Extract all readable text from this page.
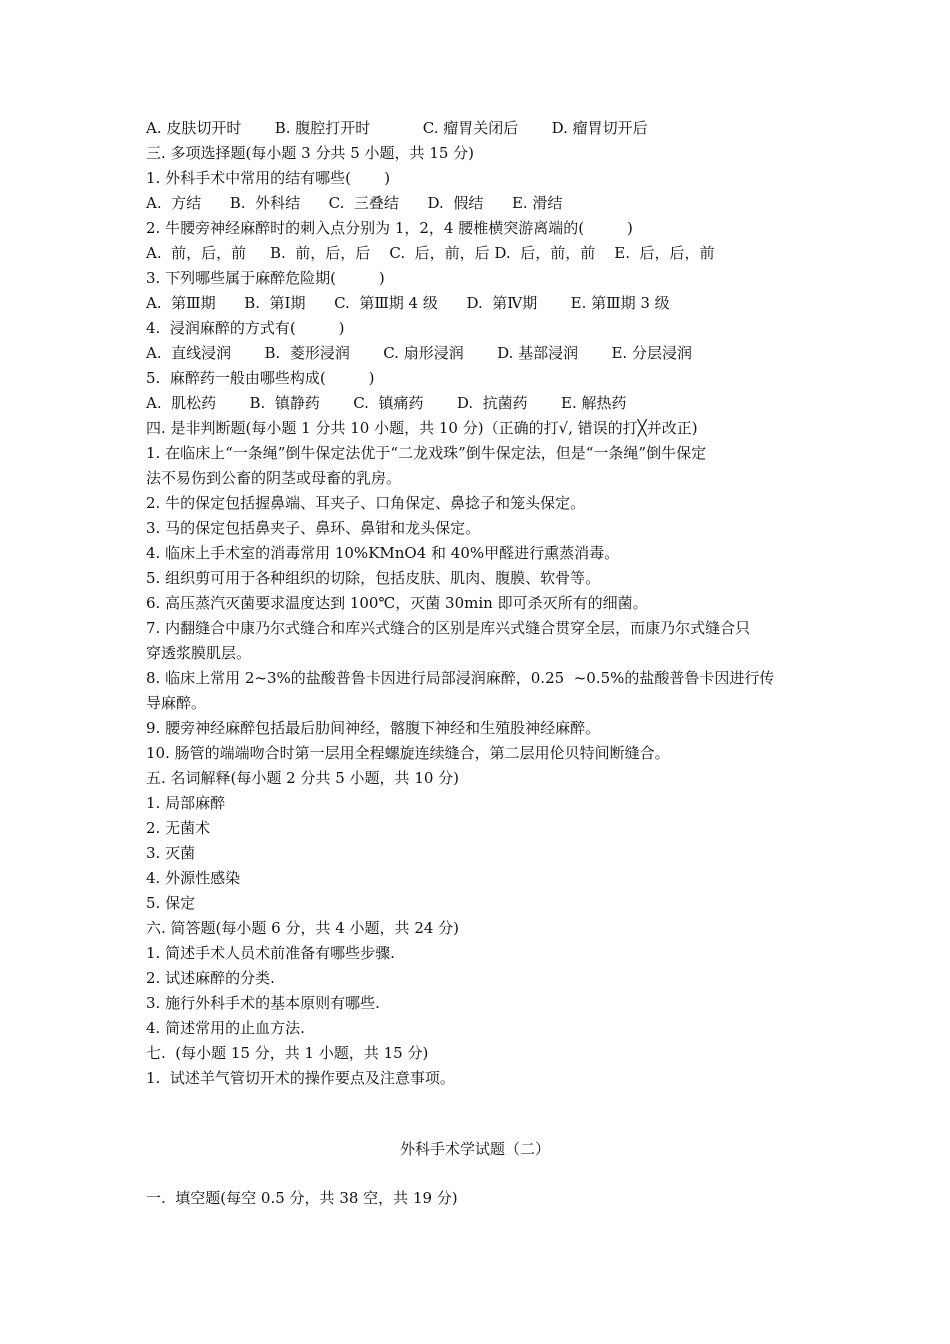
A. 皮肤切开时       B. 腹腔打开时           C. 瘤胃关闭后       D. 瘤胃切开后
三. 多项选择题(每小题 3 分共 5 小题，共 15 分)
1. 外科手术中常用的结有哪些(       )
A.  方结      B.  外科结      C.  三叠结      D.  假结      E. 滑结
2. 牛腰旁神经麻醉时的刺入点分别为 1，2，4 腰椎横突游离端的(         )
A.  前，后，前     B.  前，后，后    C.  后，前，后 D.  后，前，前    E.  后，后，前
3. 下列哪些属于麻醉危险期(         )
A.  第Ⅲ期      B.  第Ⅰ期      C.  第Ⅲ期 4 级      D.  第Ⅳ期       E. 第Ⅲ期 3 级
4.  浸润麻醉的方式有(         )
A.  直线浸润       B.  菱形浸润       C. 扇形浸润       D. 基部浸润       E. 分层浸润
5.  麻醉药一般由哪些构成(         )
A.  肌松药       B.  镇静药       C.  镇痛药       D.  抗菌药       E. 解热药
四. 是非判断题(每小题 1 分共 10 小题，共 10 分)（正确的打√, 错误的打╳并改正)
1. 在临床上“一条绳”倒牛保定法优于“二龙戏珠”倒牛保定法，但是“一条绳”倒牛保定
法不易伤到公畜的阴茎或母畜的乳房。
2. 牛的保定包括握鼻端、耳夹子、口角保定、鼻捻子和笼头保定。
3. 马的保定包括鼻夹子、鼻环、鼻钳和龙头保定。
4. 临床上手术室的消毒常用 10%KMnO4 和 40%甲醛进行熏蒸消毒。
5. 组织剪可用于各种组织的切除，包括皮肤、肌肉、腹膜、软骨等。
6. 高压蒸汽灭菌要求温度达到 100℃，灭菌 30min 即可杀灭所有的细菌。
7. 内翻缝合中康乃尔式缝合和库兴式缝合的区别是库兴式缝合贯穿全层，而康乃尔式缝合只
穿透浆膜肌层。
8. 临床上常用 2~3%的盐酸普鲁卡因进行局部浸润麻醉，0.25  ~0.5%的盐酸普鲁卡因进行传
导麻醉。
9. 腰旁神经麻醉包括最后肋间神经，髂腹下神经和生殖股神经麻醉。
10. 肠管的端端吻合时第一层用全程螺旋连续缝合，第二层用伦贝特间断缝合。
五. 名词解释(每小题 2 分共 5 小题，共 10 分)
1. 局部麻醉
2. 无菌术
3. 灭菌
4. 外源性感染
5. 保定
六. 简答题(每小题 6 分，共 4 小题，共 24 分)
1. 简述手术人员术前准备有哪些步骤.
2. 试述麻醉的分类.
3. 施行外科手术的基本原则有哪些.
4. 简述常用的止血方法.
七.  (每小题 15 分，共 1 小题，共 15 分)
1.  试述羊气管切开术的操作要点及注意事项。
外科手术学试题（二）
一.  填空题(每空 0.5 分，共 38 空，共 19 分)
